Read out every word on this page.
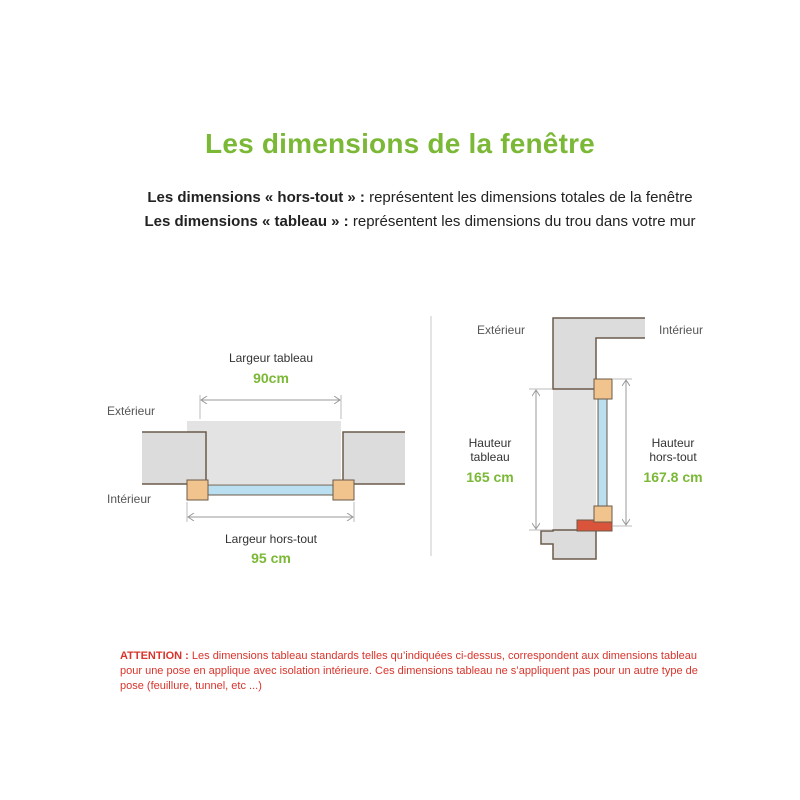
Les dimensions de la fenêtre
Les dimensions « hors-tout » : représentent les dimensions totales de la fenêtre
Les dimensions « tableau » : représentent les dimensions du trou dans votre mur
Largeur tableau
90cm
Extérieur
Intérieur
Largeur hors-tout
95 cm
Extérieur	Intérieur
Hauteur
tableau
165 cm
Hauteur
hors-tout
167.8 cm
ATTENTION : Les dimensions tableau standards telles qu’indiquées ci-dessus, correspondent aux dimensions tableau pour une pose en applique avec isolation intérieure. Ces dimensions tableau ne s’appliquent pas pour un autre type de pose (feuillure, tunnel, etc ...)
